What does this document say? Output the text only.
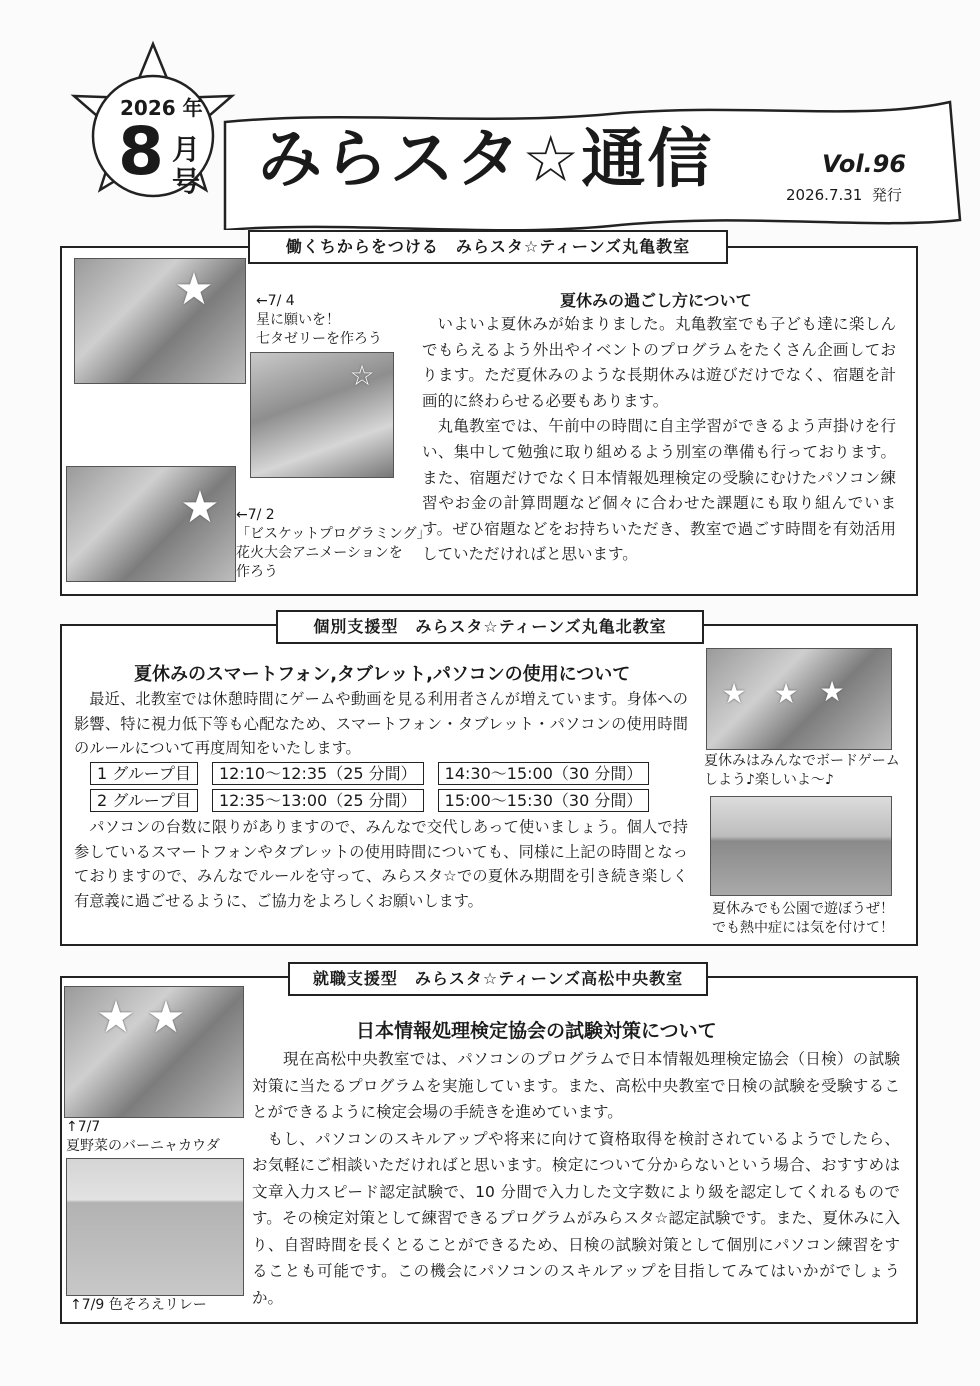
2026 年
8 月
号 みらスタ☆通信	Vol.96
2026.7.31  発行
働くちからをつける　みらスタ☆ティーンズ丸亀教室
★	←7/ 4
星に願いを！
七タゼリーを作ろう
☆
★ ←7/ 2
「ビスケットプログラミング」
花火大会アニメーションを
作ろう
夏休みの過ごし方について

いよいよ夏休みが始まりました。丸亀教室でも子ども達に楽しんでもらえるよう外出やイベントのプログラムをたくさん企画しております。ただ夏休みのような長期休みは遊びだけでなく、宿題を計画的に終わらせる必要もあります。

丸亀教室では、午前中の時間に自主学習ができるよう声掛けを行い、集中して勉強に取り組めるよう別室の準備も行っております。また、宿題だけでなく日本情報処理検定の受験にむけたパソコン練習やお金の計算問題など個々に合わせた課題にも取り組んでいます。ぜひ宿題などをお持ちいただき、教室で過ごす時間を有効活用していただければと思います。

個別支援型　みらスタ☆ティーンズ丸亀北教室
夏休みのスマートフォン,タブレット,パソコンの使用について

最近、北教室では休憩時間にゲームや動画を見る利用者さんが増えています。身体への影響、特に視力低下等も心配なため、スマートフォン・タブレット・パソコンの使用時間のルールについて再度周知をいたします。

1 グループ目	12:10～12:35（25 分間）	14:30～15:00（30 分間）
2 グループ目	12:35～13:00（25 分間）	15:00～15:30（30 分間）

パソコンの台数に限りがありますので、みんなで交代しあって使いましょう。個人で持参しているスマートフォンやタブレットの使用時間についても、同様に上記の時間となっておりますので、みんなでルールを守って、みらスタ☆での夏休み期間を引き続き楽しく有意義に過ごせるように、ご協力をよろしくお願いします。

★ ★ ★
夏休みはみんなでボードゲーム
しよう♪楽しいよ～♪
夏休みでも公園で遊ぼうぜ！
でも熱中症には気を付けて！
就職支援型　みらスタ☆ティーンズ高松中央教室
★ ★
↑7/7
夏野菜のバーニャカウダ
↑7/9 色そろえリレー
日本情報処理検定協会の試験対策について

現在高松中央教室では、パソコンのプログラムで日本情報処理検定協会（日検）の試験対策に当たるプログラムを実施しています。また、高松中央教室で日検の試験を受験することができるように検定会場の手続きを進めています。

もし、パソコンのスキルアップや将来に向けて資格取得を検討されているようでしたら、お気軽にご相談いただければと思います。検定について分からないという場合、おすすめは文章入力スピード認定試験で、10 分間で入力した文字数により級を認定してくれるものです。その検定対策として練習できるプログラムがみらスタ☆認定試験です。また、夏休みに入り、自習時間を長くとることができるため、日検の試験対策として個別にパソコン練習をすることも可能です。この機会にパソコンのスキルアップを目指してみてはいかがでしょうか。
